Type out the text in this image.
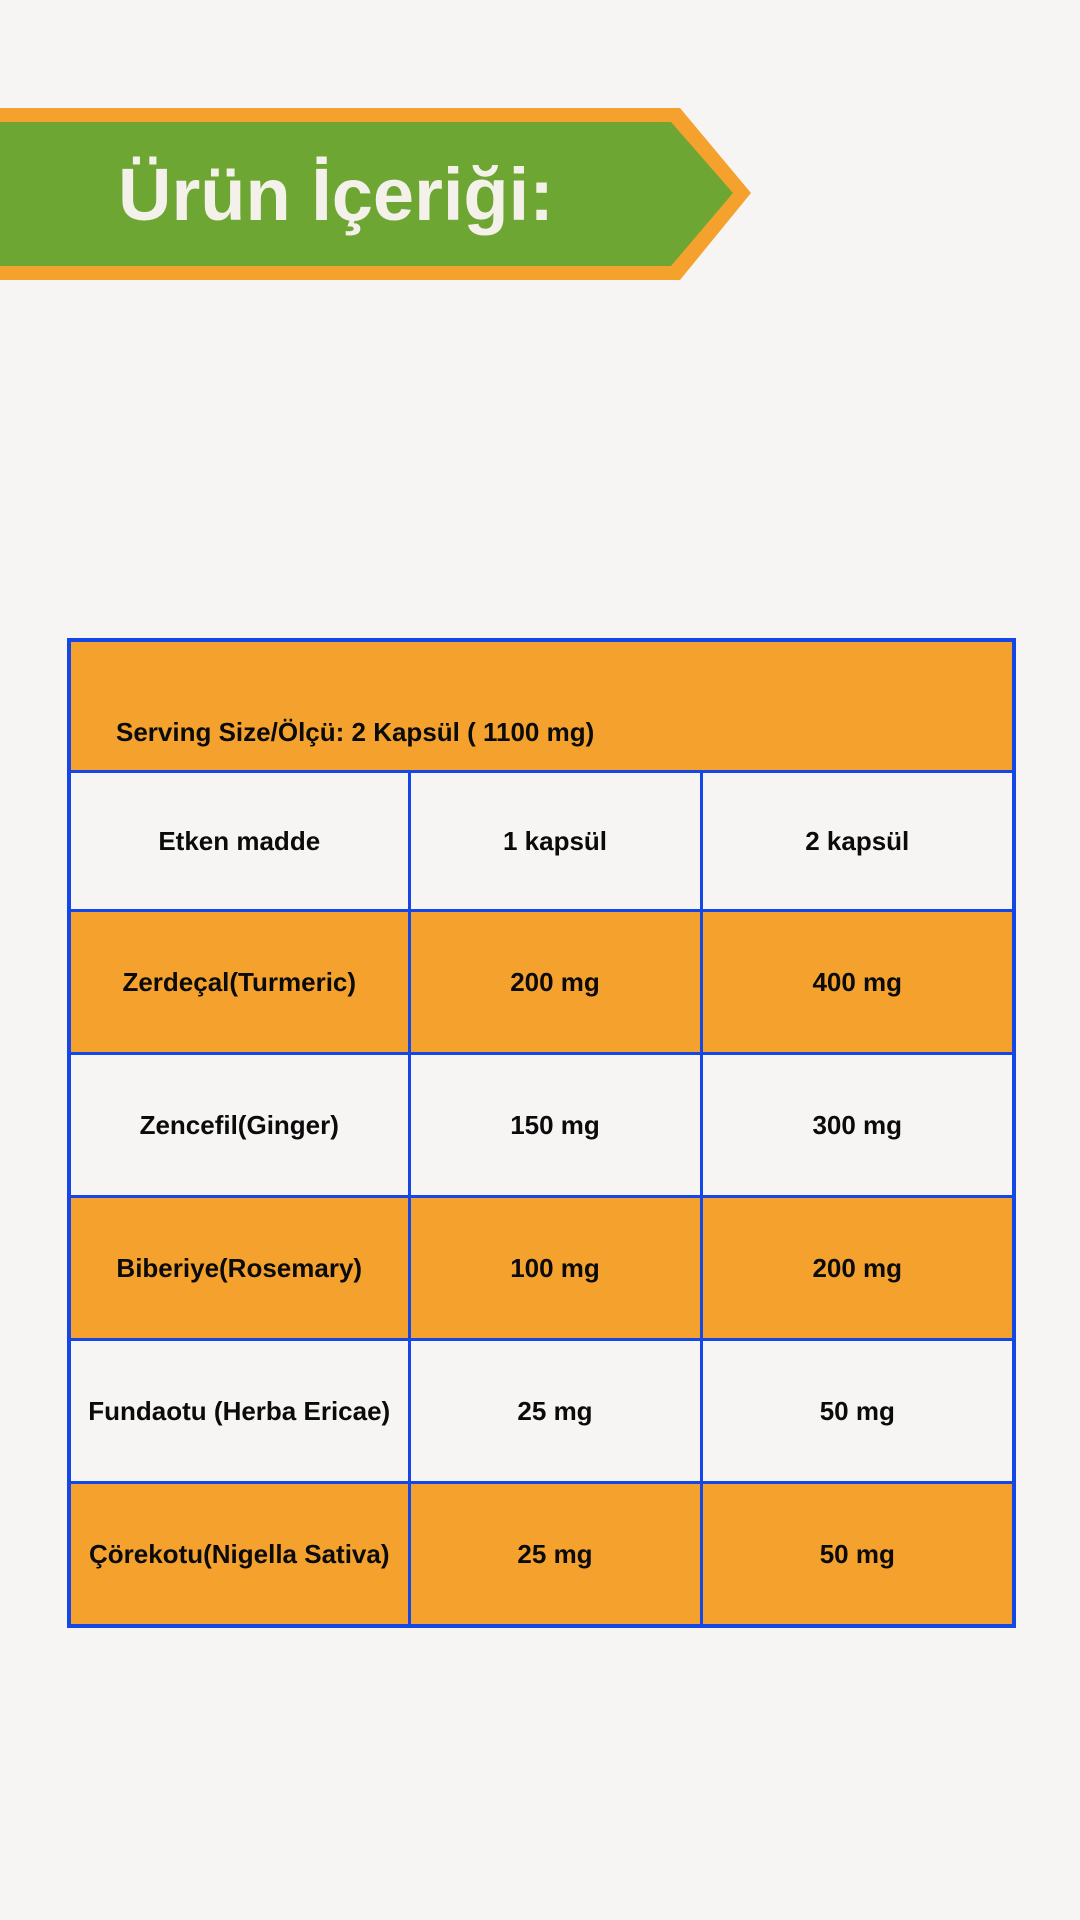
Ürün İçeriği:
Serving Size/Ölçü: 2 Kapsül ( 1100 mg)		
Etken madde	1 kapsül	2 kapsül
Zerdeçal(Turmeric)	200 mg	400 mg
Zencefil(Ginger)	150 mg	300 mg
Biberiye(Rosemary)	100 mg	200 mg
Fundaotu (Herba Ericae)	25 mg	50 mg
Çörekotu(Nigella Sativa)	25 mg	50 mg
